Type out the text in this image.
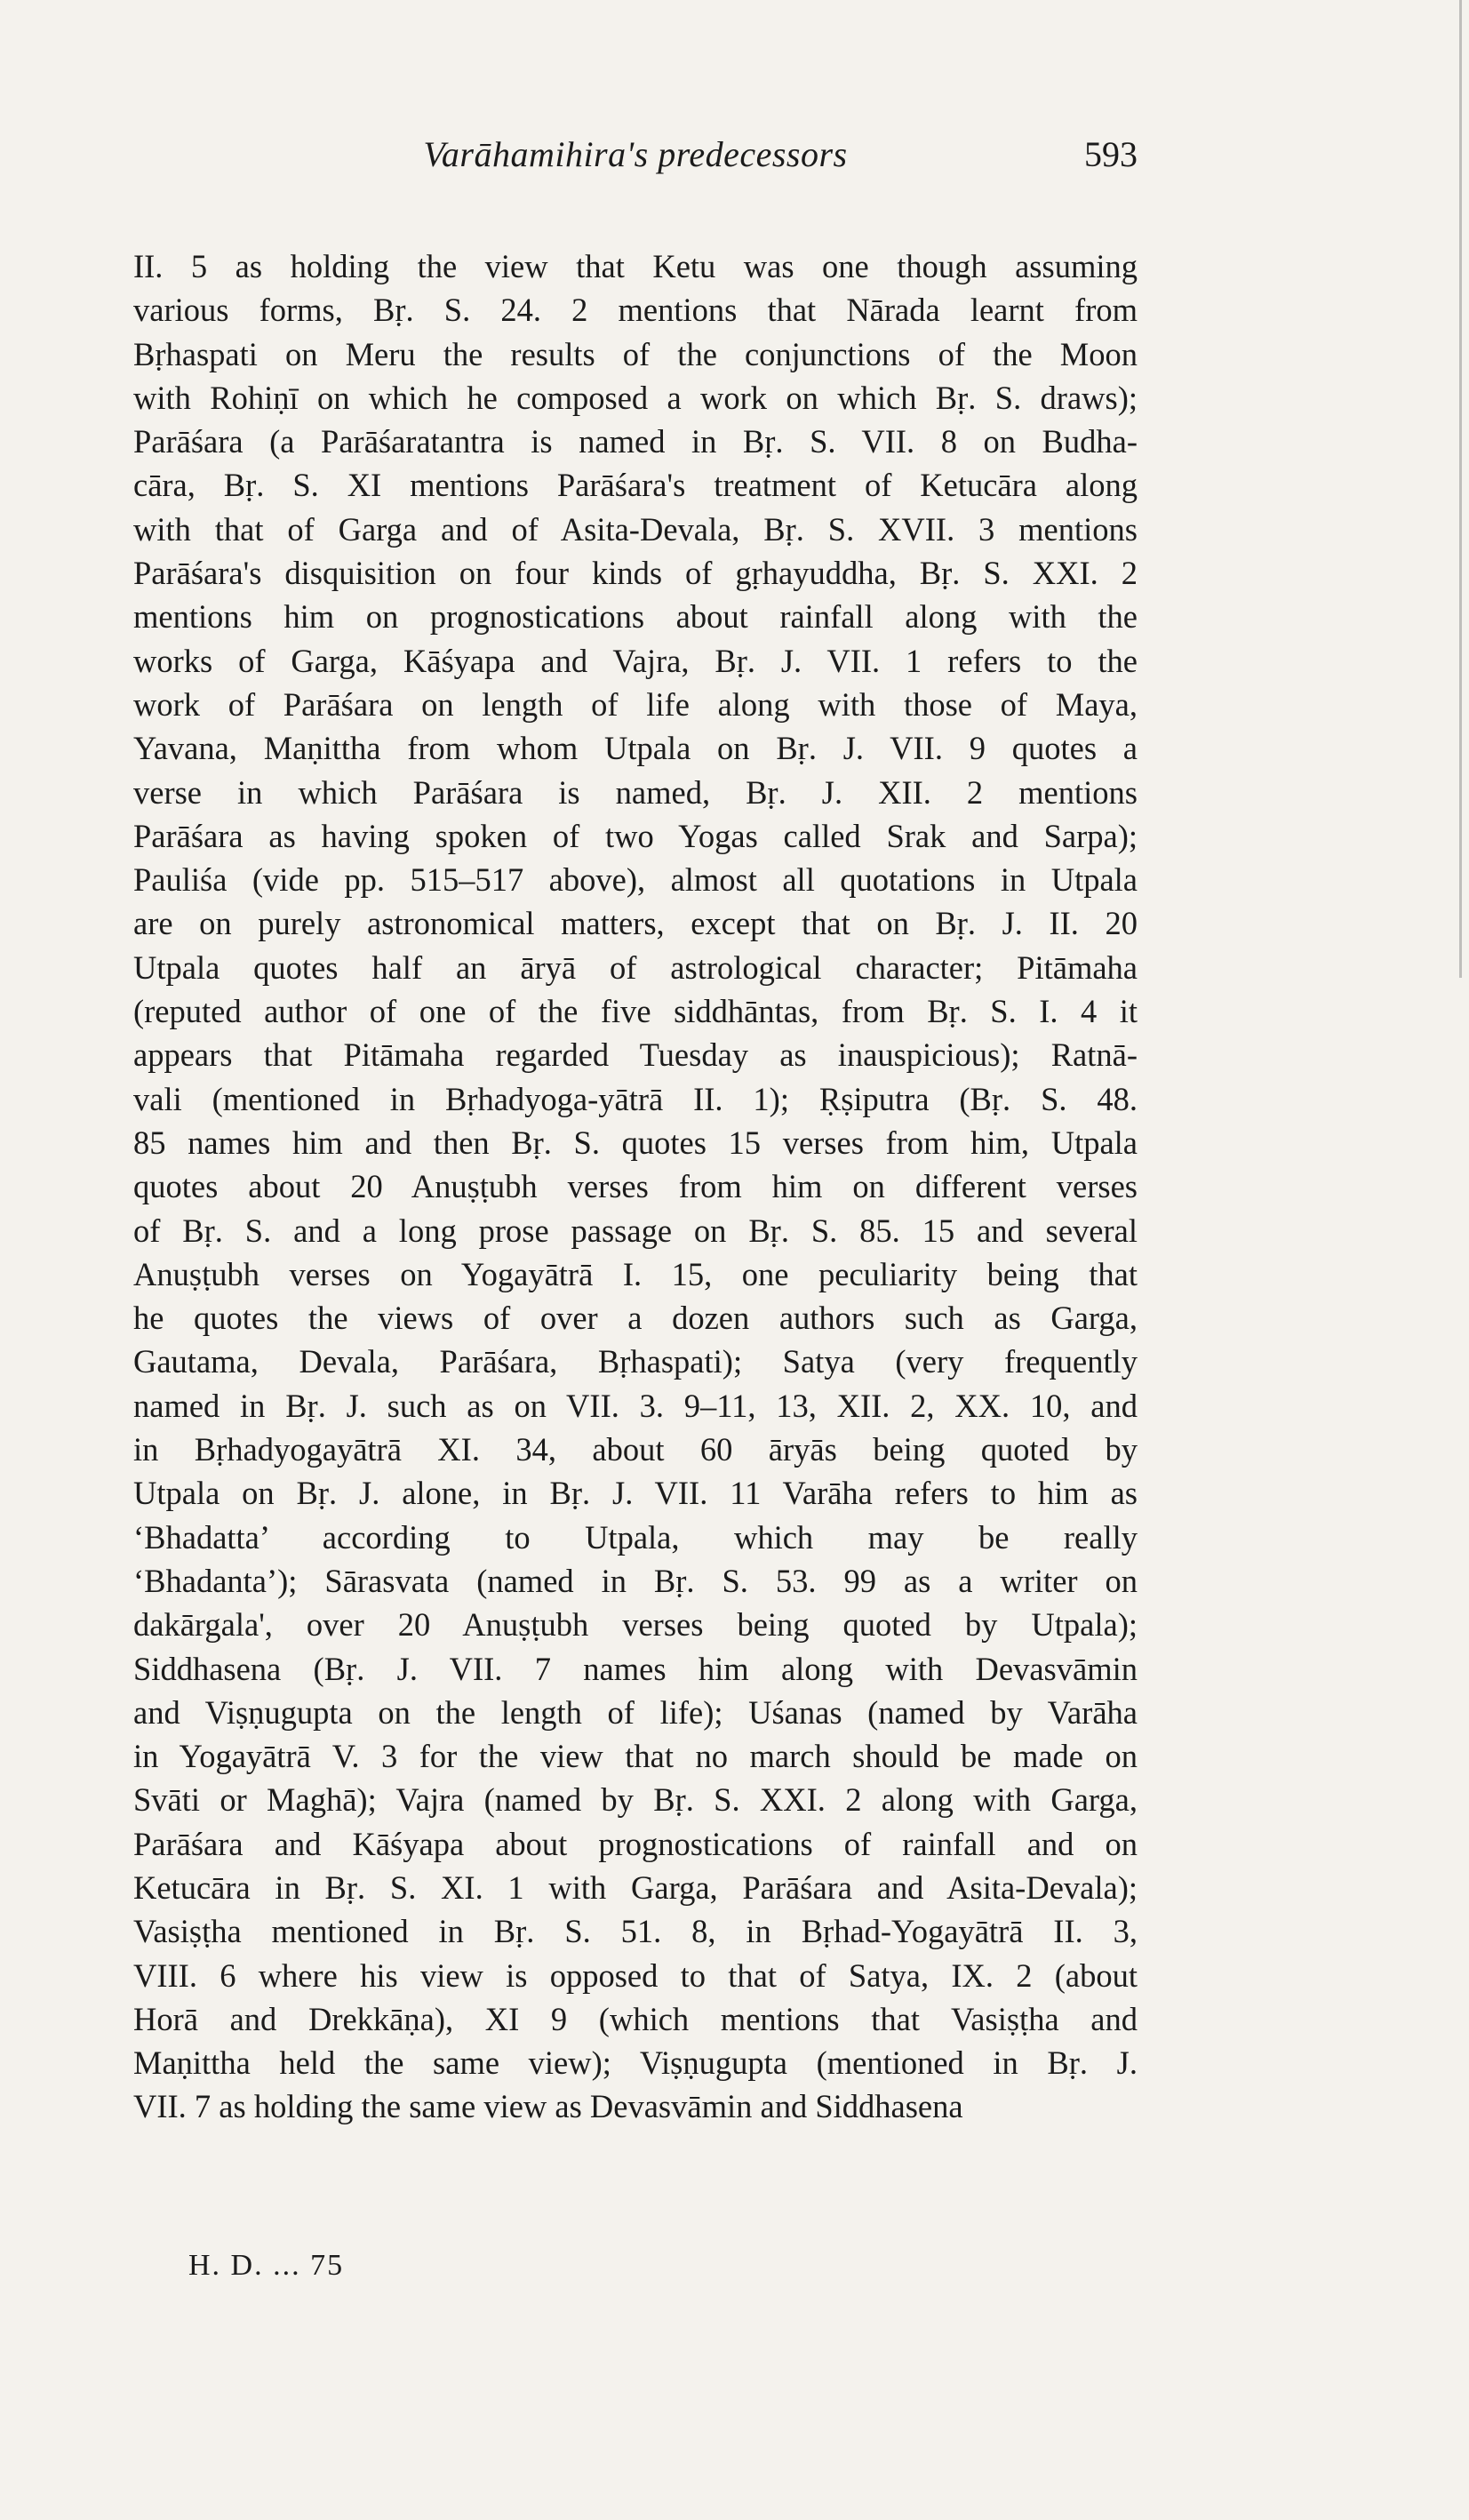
Varāhamihira's predecessors	593
II. 5 as holding the view that Ketu was one though assuming
various forms, Bṛ. S. 24. 2 mentions that Nārada learnt from
Bṛhaspati on Meru the results of the conjunctions of the Moon
with Rohiṇī on which he composed a work on which Bṛ. S. draws);
Parāśara (a Parāśaratantra is named in Bṛ. S. VII. 8 on Budha-
cāra, Bṛ. S. XI mentions Parāśara's treatment of Ketucāra along
with that of Garga and of Asita-Devala, Bṛ. S. XVII. 3 mentions
Parāśara's disquisition on four kinds of gṛhayuddha, Bṛ. S. XXI. 2
mentions him on prognostications about rainfall along with the
works of Garga, Kāśyapa and Vajra, Bṛ. J. VII. 1 refers to the
work of Parāśara on length of life along with those of Maya,
Yavana, Maṇittha from whom Utpala on Bṛ. J. VII. 9 quotes a
verse in which Parāśara is named, Bṛ. J. XII. 2 mentions
Parāśara as having spoken of two Yogas called Srak and Sarpa);
Pauliśa (vide pp. 515–517 above), almost all quotations in Utpala
are on purely astronomical matters, except that on Bṛ. J. II. 20
Utpala quotes half an āryā of astrological character; Pitāmaha
(reputed author of one of the five siddhāntas, from Bṛ. S. I. 4 it
appears that Pitāmaha regarded Tuesday as inauspicious); Ratnā-
vali (mentioned in Bṛhadyoga-yātrā II. 1); Ṛṣiputra (Bṛ. S. 48.
85 names him and then Bṛ. S. quotes 15 verses from him, Utpala
quotes about 20 Anuṣṭubh verses from him on different verses
of Bṛ. S. and a long prose passage on Bṛ. S. 85. 15 and several
Anuṣṭubh verses on Yogayātrā I. 15, one peculiarity being that
he quotes the views of over a dozen authors such as Garga,
Gautama, Devala, Parāśara, Bṛhaspati); Satya (very frequently
named in Bṛ. J. such as on VII. 3. 9–11, 13, XII. 2, XX. 10, and
in Bṛhadyogayātrā XI. 34, about 60 āryās being quoted by
Utpala on Bṛ. J. alone, in Bṛ. J. VII. 11 Varāha refers to him as
‘Bhadatta’ according to Utpala, which may be really
‘Bhadanta’); Sārasvata (named in Bṛ. S. 53. 99 as a writer on
dakārgala', over 20 Anuṣṭubh verses being quoted by Utpala);
Siddhasena (Bṛ. J. VII. 7 names him along with Devasvāmin
and Viṣṇugupta on the length of life); Uśanas (named by Varāha
in Yogayātrā V. 3 for the view that no march should be made on
Svāti or Maghā); Vajra (named by Bṛ. S. XXI. 2 along with Garga,
Parāśara and Kāśyapa about prognostications of rainfall and on
Ketucāra in Bṛ. S. XI. 1 with Garga, Parāśara and Asita-Devala);
Vasiṣṭha mentioned in Bṛ. S. 51. 8, in Bṛhad-Yogayātrā II. 3,
VIII. 6 where his view is opposed to that of Satya, IX. 2 (about
Horā and Drekkāṇa), XI 9 (which mentions that Vasiṣṭha and
Maṇittha held the same view); Viṣṇugupta (mentioned in Bṛ. J.
VII. 7 as holding the same view as Devasvāmin and Siddhasena
H. D. ... 75
